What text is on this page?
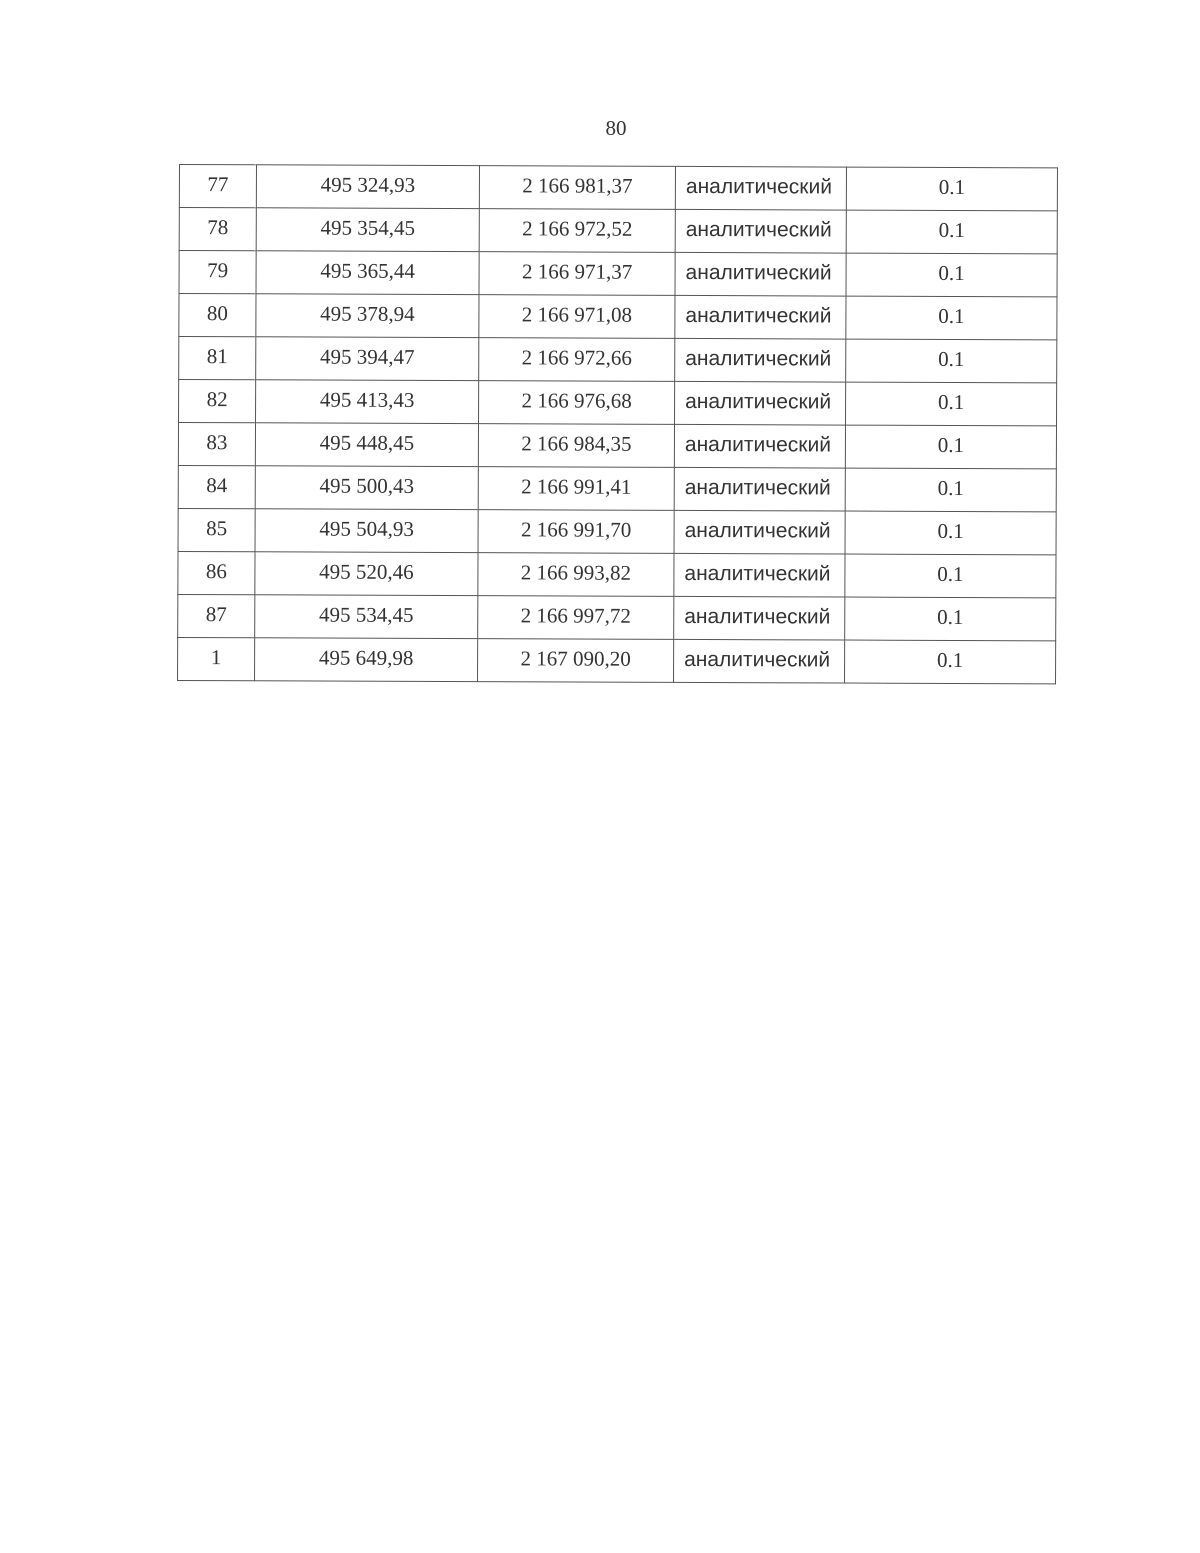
80
77	495 324,93	2 166 981,37	аналитический	0.1
78	495 354,45	2 166 972,52	аналитический	0.1
79	495 365,44	2 166 971,37	аналитический	0.1
80	495 378,94	2 166 971,08	аналитический	0.1
81	495 394,47	2 166 972,66	аналитический	0.1
82	495 413,43	2 166 976,68	аналитический	0.1
83	495 448,45	2 166 984,35	аналитический	0.1
84	495 500,43	2 166 991,41	аналитический	0.1
85	495 504,93	2 166 991,70	аналитический	0.1
86	495 520,46	2 166 993,82	аналитический	0.1
87	495 534,45	2 166 997,72	аналитический	0.1
1	495 649,98	2 167 090,20	аналитический	0.1
